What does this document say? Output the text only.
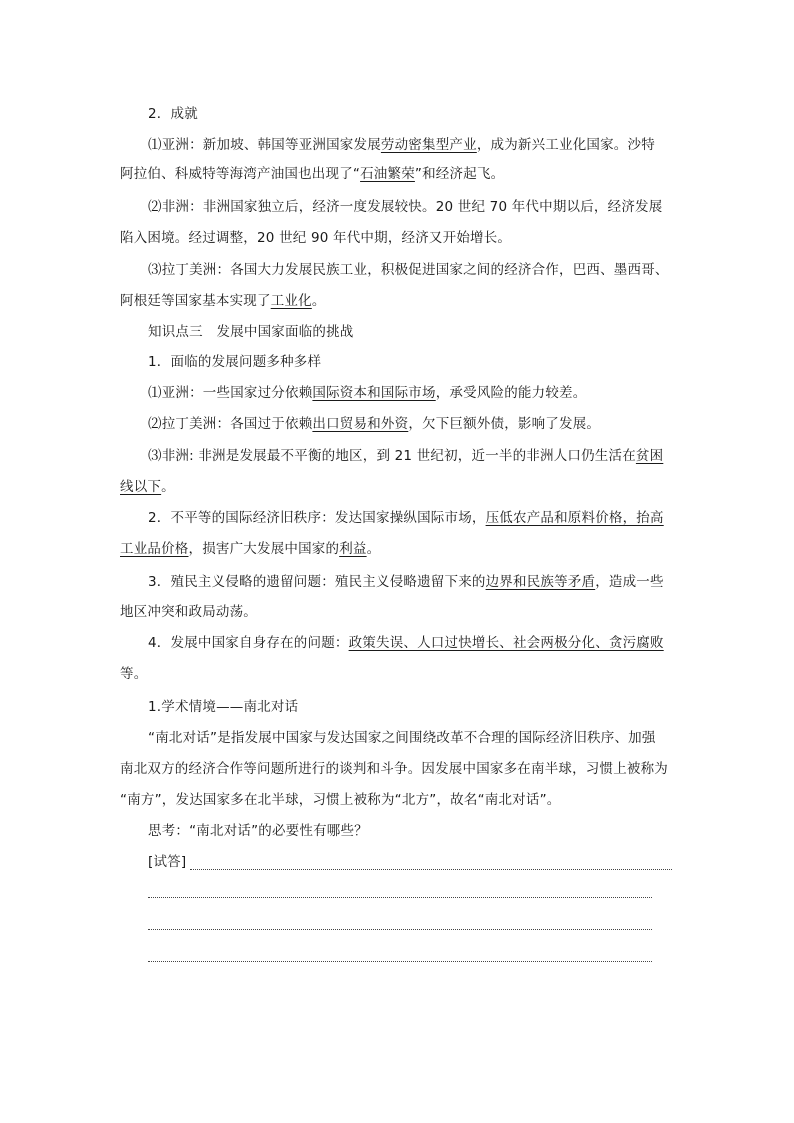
2．成就
⑴亚洲：新加坡、韩国等亚洲国家发展劳动密集型产业，成为新兴工业化国家。沙特
阿拉伯、科威特等海湾产油国也出现了“石油繁荣”和经济起飞。
⑵非洲：非洲国家独立后，经济一度发展较快。20 世纪 70 年代中期以后，经济发展
陷入困境。经过调整，20 世纪 90 年代中期，经济又开始增长。
⑶拉丁美洲：各国大力发展民族工业，积极促进国家之间的经济合作，巴西、墨西哥、
阿根廷等国家基本实现了工业化。
知识点三　发展中国家面临的挑战
1．面临的发展问题多种多样
⑴亚洲：一些国家过分依赖国际资本和国际市场，承受风险的能力较差。
⑵拉丁美洲：各国过于依赖出口贸易和外资，欠下巨额外债，影响了发展。
⑶非洲: 非洲是发展最不平衡的地区，到 21 世纪初，近一半的非洲人口仍生活在贫困
线以下。
2．不平等的国际经济旧秩序：发达国家操纵国际市场，压低农产品和原料价格，抬高
工业品价格，损害广大发展中国家的利益。
3．殖民主义侵略的遗留问题：殖民主义侵略遗留下来的边界和民族等矛盾，造成一些
地区冲突和政局动荡。
4．发展中国家自身存在的问题：政策失误、人口过快增长、社会两极分化、贪污腐败
等。
1.学术情境——南北对话
“南北对话”是指发展中国家与发达国家之间围绕改革不合理的国际经济旧秩序、加强
南北双方的经济合作等问题所进行的谈判和斗争。因发展中国家多在南半球，习惯上被称为
“南方”，发达国家多在北半球，习惯上被称为“北方”，故名“南北对话”。
思考：“南北对话”的必要性有哪些？
[试答]
